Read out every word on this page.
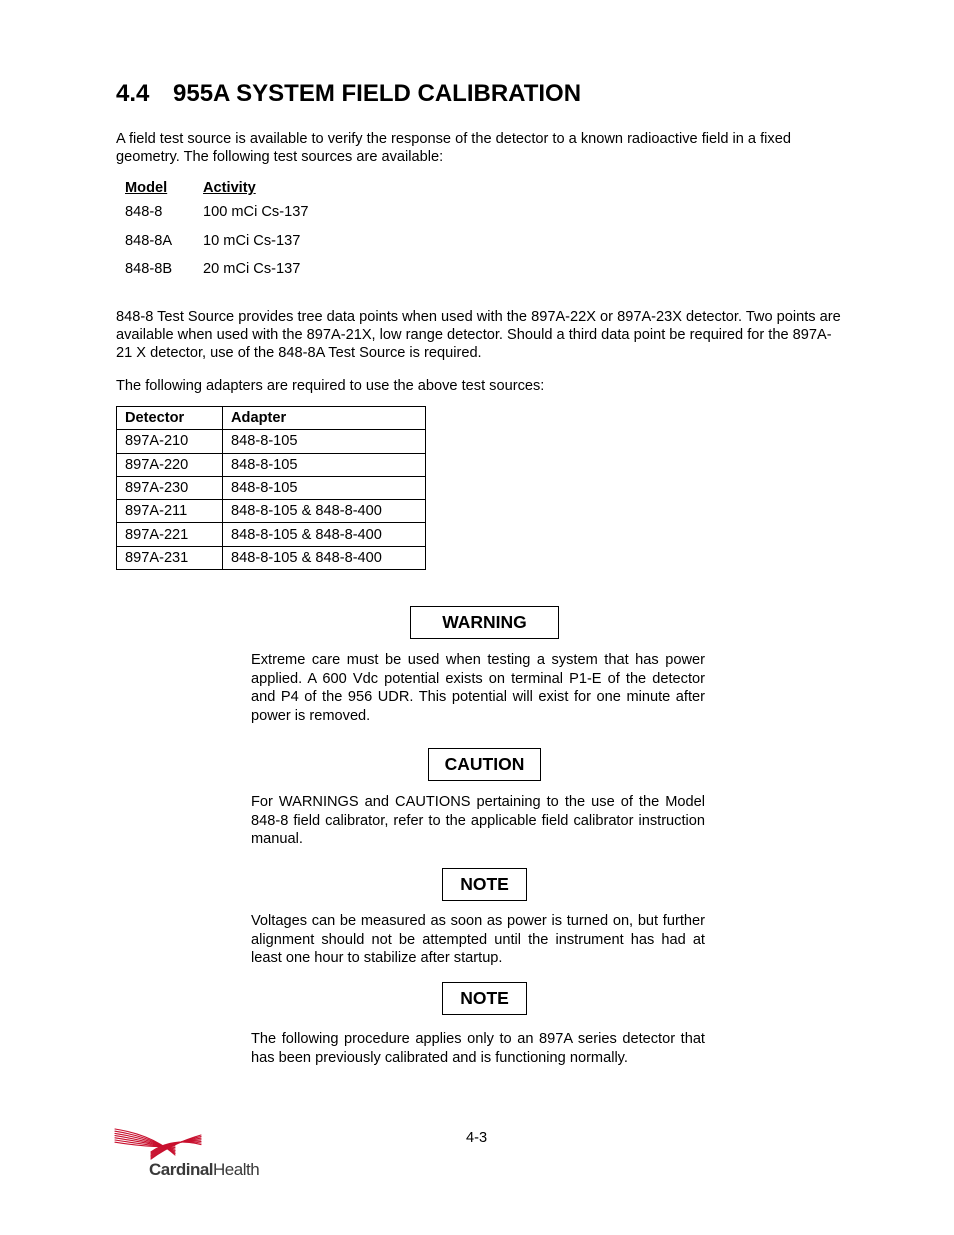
4.4 955A SYSTEM FIELD CALIBRATION

A field test source is available to verify the response of the detector to a known radioactive field in a fixed geometry. The following test sources are available:

Model	Activity
848-8	100 mCi Cs-137
848-8A	10 mCi Cs-137
848-8B	20 mCi Cs-137

848-8 Test Source provides tree data points when used with the 897A-22X or 897A-23X detector. Two points are available when used with the 897A-21X, low range detector. Should a third data point be required for the 897A-21 X detector, use of the 848-8A Test Source is required.

The following adapters are required to use the above test sources:

Detector	Adapter
897A-210	848-8-105
897A-220	848-8-105
897A-230	848-8-105
897A-211	848-8-105 & 848-8-400
897A-221	848-8-105 & 848-8-400
897A-231	848-8-105 & 848-8-400
WARNING

Extreme care must be used when testing a system that has power applied. A 600 Vdc potential exists on terminal P1-E of the detector and P4 of the 956 UDR. This potential will exist for one minute after power is removed.

CAUTION

For WARNINGS and CAUTIONS pertaining to the use of the Model 848-8 field calibrator, refer to the applicable field calibrator instruction manual.

NOTE

Voltages can be measured as soon as power is turned on, but further alignment should not be attempted until the instrument has had at least one hour to stabilize after startup.

NOTE

The following procedure applies only to an 897A series detector that has been previously calibrated and is functioning normally.

4-3
CardinalHealth
